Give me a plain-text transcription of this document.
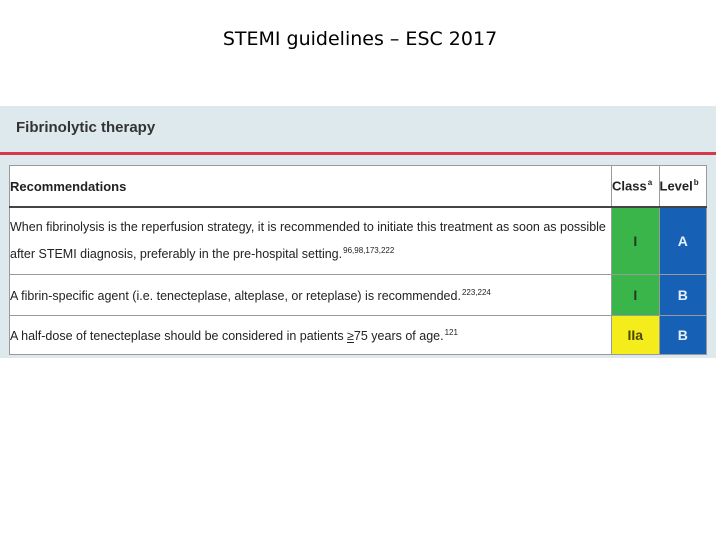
STEMI guidelines – ESC 2017
Fibrinolytic therapy
Recommendations	Class$^a$	Level$^b$
When fibrinolysis is the reperfusion strategy, it is recommended to initiate this treatment as soon as possible after STEMI diagnosis, preferably in the pre-hospital setting.$^{96,98,173,222}$	I	A
A fibrin-specific agent (i.e. tenecteplase, alteplase, or reteplase) is recommended.$^{223,224}$	I	B
A half-dose of tenecteplase should be considered in patients ≥75 years of age.$^{121}$	IIa	B
